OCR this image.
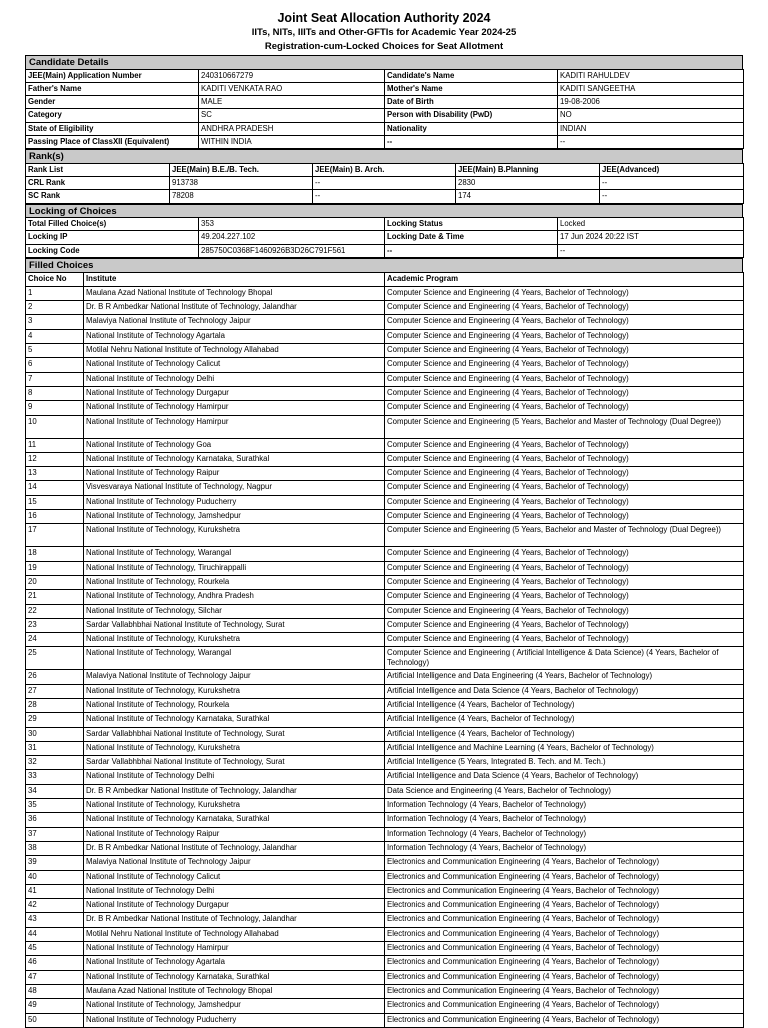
Joint Seat Allocation Authority 2024
IITs, NITs, IIITs and Other-GFTIs for Academic Year 2024-25
Registration-cum-Locked Choices for Seat Allotment
Candidate Details
JEE(Main) Application Number	240310667279	Candidate's Name	KADITI RAHULDEV
Father's Name	KADITI VENKATA RAO	Mother's Name	KADITI SANGEETHA
Gender	MALE	Date of Birth	19-08-2006
Category	SC	Person with Disability (PwD)	NO
State of Eligibility	ANDHRA PRADESH	Nationality	INDIAN
Passing Place of ClassXII (Equivalent)	WITHIN INDIA	--	--
Rank(s)
Rank List	JEE(Main) B.E./B. Tech.	JEE(Main) B. Arch.	JEE(Main) B.Planning	JEE(Advanced)
CRL Rank	913738	--	2830	--
SC Rank	78208	--	174	--
Locking of Choices
Total Filled Choice(s)	353	Locking Status	Locked
Locking IP	49.204.227.102	Locking Date & Time	17 Jun 2024 20:22 IST
Locking Code	285750C0368F1460926B3D26C791F561	--	--
Filled Choices
Choice No	Institute	Academic Program
1	Maulana Azad National Institute of Technology Bhopal	Computer Science and Engineering (4 Years, Bachelor of Technology)
2	Dr. B R Ambedkar National Institute of Technology, Jalandhar	Computer Science and Engineering (4 Years, Bachelor of Technology)
3	Malaviya National Institute of Technology Jaipur	Computer Science and Engineering (4 Years, Bachelor of Technology)
4	National Institute of Technology Agartala	Computer Science and Engineering (4 Years, Bachelor of Technology)
5	Motilal Nehru National Institute of Technology Allahabad	Computer Science and Engineering (4 Years, Bachelor of Technology)
6	National Institute of Technology Calicut	Computer Science and Engineering (4 Years, Bachelor of Technology)
7	National Institute of Technology Delhi	Computer Science and Engineering (4 Years, Bachelor of Technology)
8	National Institute of Technology Durgapur	Computer Science and Engineering (4 Years, Bachelor of Technology)
9	National Institute of Technology Hamirpur	Computer Science and Engineering (4 Years, Bachelor of Technology)
10	National Institute of Technology Hamirpur	Computer Science and Engineering (5 Years, Bachelor and Master of Technology (Dual Degree))
11	National Institute of Technology Goa	Computer Science and Engineering (4 Years, Bachelor of Technology)
12	National Institute of Technology Karnataka, Surathkal	Computer Science and Engineering (4 Years, Bachelor of Technology)
13	National Institute of Technology Raipur	Computer Science and Engineering (4 Years, Bachelor of Technology)
14	Visvesvaraya National Institute of Technology, Nagpur	Computer Science and Engineering (4 Years, Bachelor of Technology)
15	National Institute of Technology Puducherry	Computer Science and Engineering (4 Years, Bachelor of Technology)
16	National Institute of Technology, Jamshedpur	Computer Science and Engineering (4 Years, Bachelor of Technology)
17	National Institute of Technology, Kurukshetra	Computer Science and Engineering (5 Years, Bachelor and Master of Technology (Dual Degree))
18	National Institute of Technology, Warangal	Computer Science and Engineering (4 Years, Bachelor of Technology)
19	National Institute of Technology, Tiruchirappalli	Computer Science and Engineering (4 Years, Bachelor of Technology)
20	National Institute of Technology, Rourkela	Computer Science and Engineering (4 Years, Bachelor of Technology)
21	National Institute of Technology, Andhra Pradesh	Computer Science and Engineering (4 Years, Bachelor of Technology)
22	National Institute of Technology, Silchar	Computer Science and Engineering (4 Years, Bachelor of Technology)
23	Sardar Vallabhbhai National Institute of Technology, Surat	Computer Science and Engineering (4 Years, Bachelor of Technology)
24	National Institute of Technology, Kurukshetra	Computer Science and Engineering (4 Years, Bachelor of Technology)
25	National Institute of Technology, Warangal	Computer Science and Engineering ( Artificial Intelligence & Data Science) (4 Years, Bachelor of Technology)
26	Malaviya National Institute of Technology Jaipur	Artificial Intelligence and Data Engineering (4 Years, Bachelor of Technology)
27	National Institute of Technology, Kurukshetra	Artificial Intelligence and Data Science (4 Years, Bachelor of Technology)
28	National Institute of Technology, Rourkela	Artificial Intelligence (4 Years, Bachelor of Technology)
29	National Institute of Technology Karnataka, Surathkal	Artificial Intelligence (4 Years, Bachelor of Technology)
30	Sardar Vallabhbhai National Institute of Technology, Surat	Artificial Intelligence (4 Years, Bachelor of Technology)
31	National Institute of Technology, Kurukshetra	Artificial Intelligence and Machine Learning (4 Years, Bachelor of Technology)
32	Sardar Vallabhbhai National Institute of Technology, Surat	Artificial Intelligence (5 Years, Integrated B. Tech. and M. Tech.)
33	National Institute of Technology Delhi	Artificial Intelligence and Data Science (4 Years, Bachelor of Technology)
34	Dr. B R Ambedkar National Institute of Technology, Jalandhar	Data Science and Engineering (4 Years, Bachelor of Technology)
35	National Institute of Technology, Kurukshetra	Information Technology (4 Years, Bachelor of Technology)
36	National Institute of Technology Karnataka, Surathkal	Information Technology (4 Years, Bachelor of Technology)
37	National Institute of Technology Raipur	Information Technology (4 Years, Bachelor of Technology)
38	Dr. B R Ambedkar National Institute of Technology, Jalandhar	Information Technology (4 Years, Bachelor of Technology)
39	Malaviya National Institute of Technology Jaipur	Electronics and Communication Engineering (4 Years, Bachelor of Technology)
40	National Institute of Technology Calicut	Electronics and Communication Engineering (4 Years, Bachelor of Technology)
41	National Institute of Technology Delhi	Electronics and Communication Engineering (4 Years, Bachelor of Technology)
42	National Institute of Technology Durgapur	Electronics and Communication Engineering (4 Years, Bachelor of Technology)
43	Dr. B R Ambedkar National Institute of Technology, Jalandhar	Electronics and Communication Engineering (4 Years, Bachelor of Technology)
44	Motilal Nehru National Institute of Technology Allahabad	Electronics and Communication Engineering (4 Years, Bachelor of Technology)
45	National Institute of Technology Hamirpur	Electronics and Communication Engineering (4 Years, Bachelor of Technology)
46	National Institute of Technology Agartala	Electronics and Communication Engineering (4 Years, Bachelor of Technology)
47	National Institute of Technology Karnataka, Surathkal	Electronics and Communication Engineering (4 Years, Bachelor of Technology)
48	Maulana Azad National Institute of Technology Bhopal	Electronics and Communication Engineering (4 Years, Bachelor of Technology)
49	National Institute of Technology, Jamshedpur	Electronics and Communication Engineering (4 Years, Bachelor of Technology)
50	National Institute of Technology Puducherry	Electronics and Communication Engineering (4 Years, Bachelor of Technology)
